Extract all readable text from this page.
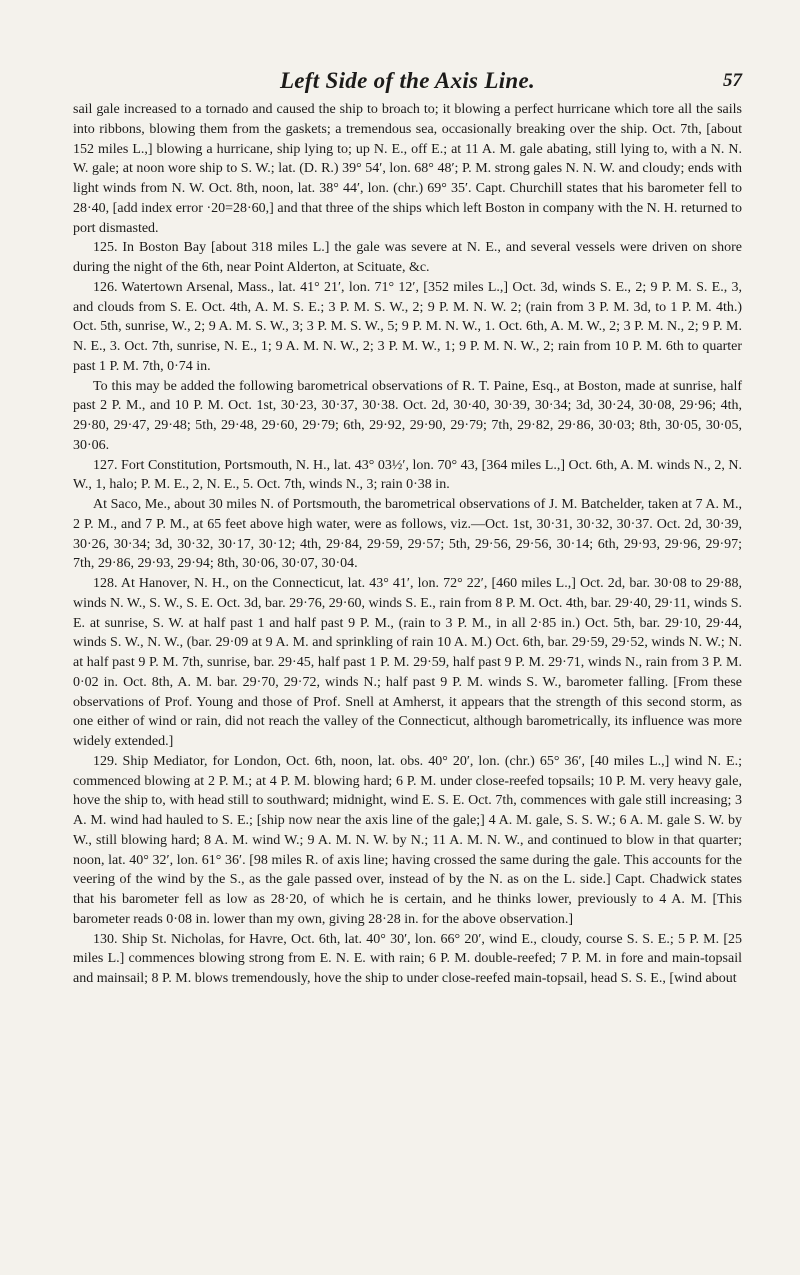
Left Side of the Axis Line.	57

sail gale increased to a tornado and caused the ship to broach to; it blowing a perfect hurricane which tore all the sails into ribbons, blowing them from the gaskets; a tremendous sea, occasionally breaking over the ship. Oct. 7th, [about 152 miles L.,] blowing a hurricane, ship lying to; up N. E., off E.; at 11 A. M. gale abating, still lying to, with a N. N. W. gale; at noon wore ship to S. W.; lat. (D. R.) 39° 54′, lon. 68° 48′; P. M. strong gales N. N. W. and cloudy; ends with light winds from N. W. Oct. 8th, noon, lat. 38° 44′, lon. (chr.) 69° 35′. Capt. Churchill states that his barometer fell to 28·40, [add index error ·20=28·60,] and that three of the ships which left Boston in company with the N. H. returned to port dismasted.

125. In Boston Bay [about 318 miles L.] the gale was severe at N. E., and several vessels were driven on shore during the night of the 6th, near Point Alderton, at Scituate, &c.

126. Watertown Arsenal, Mass., lat. 41° 21′, lon. 71° 12′, [352 miles L.,] Oct. 3d, winds S. E., 2; 9 P. M. S. E., 3, and clouds from S. E. Oct. 4th, A. M. S. E.; 3 P. M. S. W., 2; 9 P. M. N. W. 2; (rain from 3 P. M. 3d, to 1 P. M. 4th.) Oct. 5th, sunrise, W., 2; 9 A. M. S. W., 3; 3 P. M. S. W., 5; 9 P. M. N. W., 1. Oct. 6th, A. M. W., 2; 3 P. M. N., 2; 9 P. M. N. E., 3. Oct. 7th, sunrise, N. E., 1; 9 A. M. N. W., 2; 3 P. M. W., 1; 9 P. M. N. W., 2; rain from 10 P. M. 6th to quarter past 1 P. M. 7th, 0·74 in.

To this may be added the following barometrical observations of R. T. Paine, Esq., at Boston, made at sunrise, half past 2 P. M., and 10 P. M. Oct. 1st, 30·23, 30·37, 30·38. Oct. 2d, 30·40, 30·39, 30·34; 3d, 30·24, 30·08, 29·96; 4th, 29·80, 29·47, 29·48; 5th, 29·48, 29·60, 29·79; 6th, 29·92, 29·90, 29·79; 7th, 29·82, 29·86, 30·03; 8th, 30·05, 30·05, 30·06.

127. Fort Constitution, Portsmouth, N. H., lat. 43° 03½′, lon. 70° 43, [364 miles L.,] Oct. 6th, A. M. winds N., 2, N. W., 1, halo; P. M. E., 2, N. E., 5. Oct. 7th, winds N., 3; rain 0·38 in.

At Saco, Me., about 30 miles N. of Portsmouth, the barometrical observations of J. M. Batchelder, taken at 7 A. M., 2 P. M., and 7 P. M., at 65 feet above high water, were as follows, viz.—Oct. 1st, 30·31, 30·32, 30·37. Oct. 2d, 30·39, 30·26, 30·34; 3d, 30·32, 30·17, 30·12; 4th, 29·84, 29·59, 29·57; 5th, 29·56, 29·56, 30·14; 6th, 29·93, 29·96, 29·97; 7th, 29·86, 29·93, 29·94; 8th, 30·06, 30·07, 30·04.

128. At Hanover, N. H., on the Connecticut, lat. 43° 41′, lon. 72° 22′, [460 miles L.,] Oct. 2d, bar. 30·08 to 29·88, winds N. W., S. W., S. E. Oct. 3d, bar. 29·76, 29·60, winds S. E., rain from 8 P. M. Oct. 4th, bar. 29·40, 29·11, winds S. E. at sunrise, S. W. at half past 1 and half past 9 P. M., (rain to 3 P. M., in all 2·85 in.) Oct. 5th, bar. 29·10, 29·44, winds S. W., N. W., (bar. 29·09 at 9 A. M. and sprinkling of rain 10 A. M.) Oct. 6th, bar. 29·59, 29·52, winds N. W.; N. at half past 9 P. M. 7th, sunrise, bar. 29·45, half past 1 P. M. 29·59, half past 9 P. M. 29·71, winds N., rain from 3 P. M. 0·02 in. Oct. 8th, A. M. bar. 29·70, 29·72, winds N.; half past 9 P. M. winds S. W., barometer falling. [From these observations of Prof. Young and those of Prof. Snell at Amherst, it appears that the strength of this second storm, as one either of wind or rain, did not reach the valley of the Connecticut, although barometrically, its influence was more widely extended.]

129. Ship Mediator, for London, Oct. 6th, noon, lat. obs. 40° 20′, lon. (chr.) 65° 36′, [40 miles L.,] wind N. E.; commenced blowing at 2 P. M.; at 4 P. M. blowing hard; 6 P. M. under close-reefed topsails; 10 P. M. very heavy gale, hove the ship to, with head still to southward; midnight, wind E. S. E. Oct. 7th, commences with gale still increasing; 3 A. M. wind had hauled to S. E.; [ship now near the axis line of the gale;] 4 A. M. gale, S. S. W.; 6 A. M. gale S. W. by W., still blowing hard; 8 A. M. wind W.; 9 A. M. N. W. by N.; 11 A. M. N. W., and continued to blow in that quarter; noon, lat. 40° 32′, lon. 61° 36′. [98 miles R. of axis line; having crossed the same during the gale. This accounts for the veering of the wind by the S., as the gale passed over, instead of by the N. as on the L. side.] Capt. Chadwick states that his barometer fell as low as 28·20, of which he is certain, and he thinks lower, previously to 4 A. M. [This barometer reads 0·08 in. lower than my own, giving 28·28 in. for the above observation.]

130. Ship St. Nicholas, for Havre, Oct. 6th, lat. 40° 30′, lon. 66° 20′, wind E., cloudy, course S. S. E.; 5 P. M. [25 miles L.] commences blowing strong from E. N. E. with rain; 6 P. M. double-reefed; 7 P. M. in fore and main-topsail and mainsail; 8 P. M. blows tremendously, hove the ship to under close-reefed main-topsail, head S. S. E., [wind about
